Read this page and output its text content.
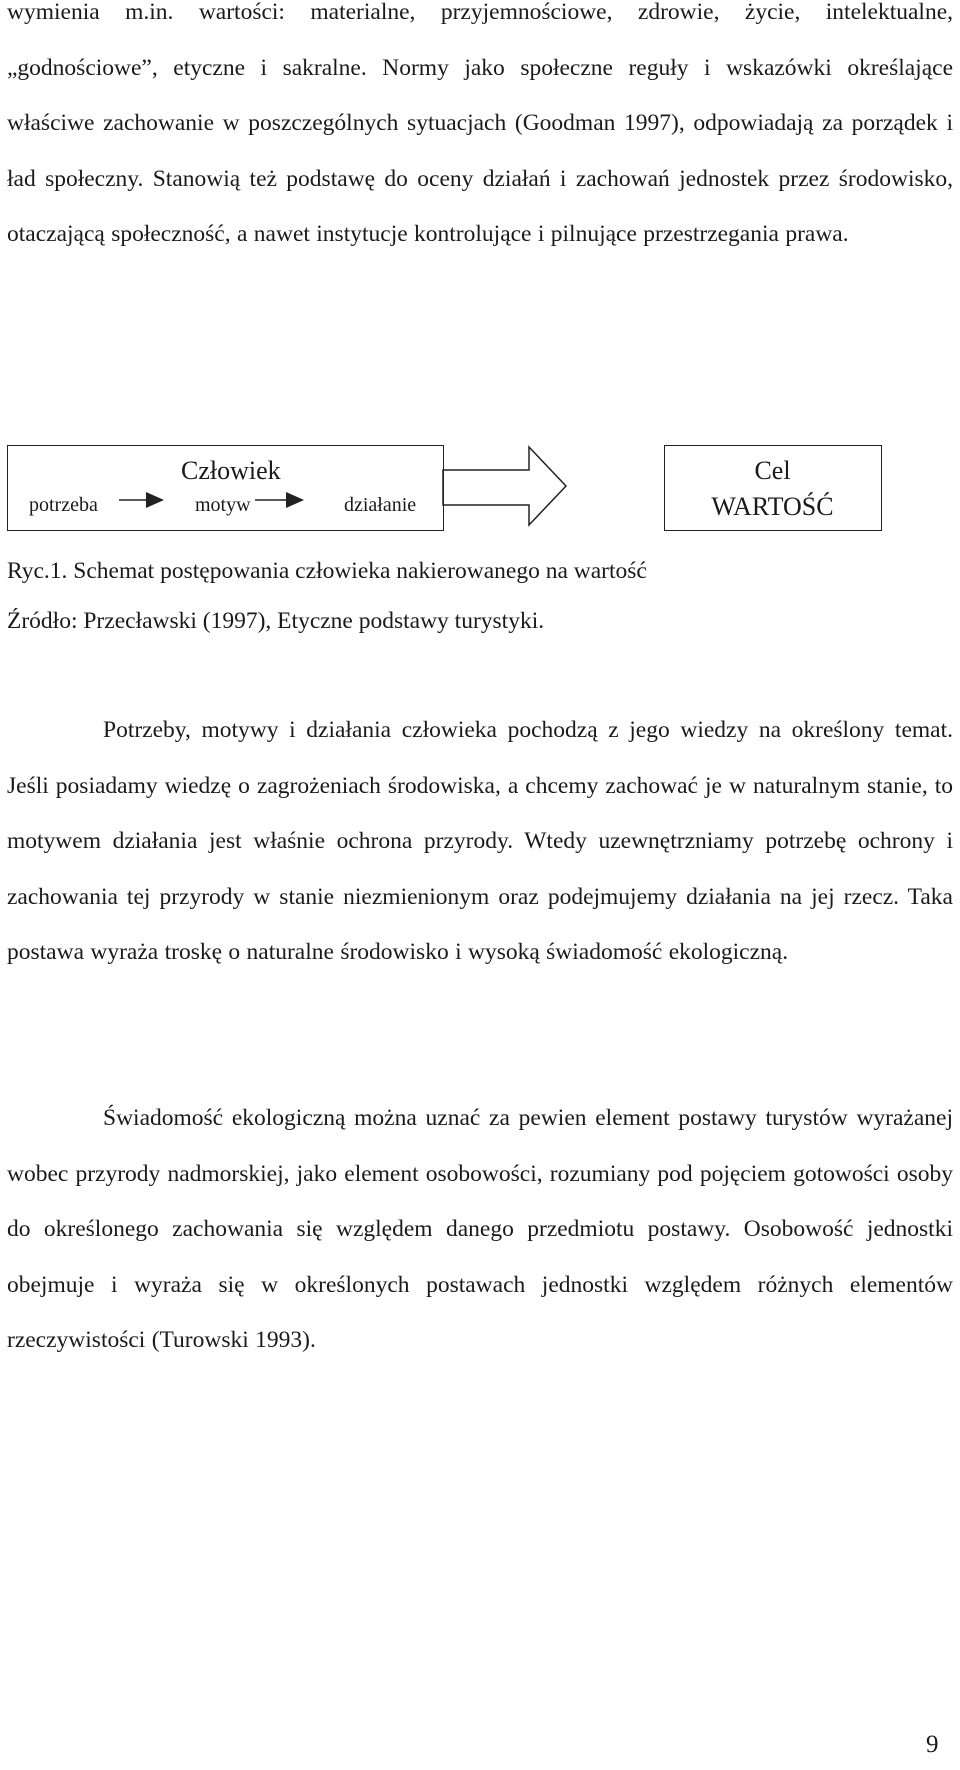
wymienia m.in. wartości: materialne, przyjemnościowe, zdrowie, życie, intelektualne, „godnościowe”, etyczne i sakralne. Normy jako społeczne reguły i wskazówki określające właściwe zachowanie w poszczególnych sytuacjach (Goodman 1997), odpowiadają za porządek i ład społeczny. Stanowią też podstawę do oceny działań i zachowań jednostek przez środowisko, otaczającą społeczność, a nawet instytucje kontrolujące i pilnujące przestrzegania prawa.

Człowiek
potrzeba	motyw	działanie
Cel
WARTOŚĆ

Ryc.1. Schemat postępowania człowieka nakierowanego na wartość

Źródło: Przecławski (1997), Etyczne podstawy turystyki.

Potrzeby, motywy i działania człowieka pochodzą z jego wiedzy na określony temat. Jeśli posiadamy wiedzę o zagrożeniach środowiska, a chcemy zachować je w naturalnym stanie, to motywem działania jest właśnie ochrona przyrody. Wtedy uzewnętrzniamy potrzebę ochrony i zachowania tej przyrody w stanie niezmienionym oraz podejmujemy działania na jej rzecz. Taka postawa wyraża troskę o naturalne środowisko i wysoką świadomość ekologiczną.

Świadomość ekologiczną można uznać za pewien element postawy turystów wyrażanej wobec przyrody nadmorskiej, jako element osobowości, rozumiany pod pojęciem gotowości osoby do określonego zachowania się względem danego przedmiotu postawy. Osobowość jednostki obejmuje i wyraża się w określonych postawach jednostki względem różnych elementów rzeczywistości (Turowski 1993).

9
